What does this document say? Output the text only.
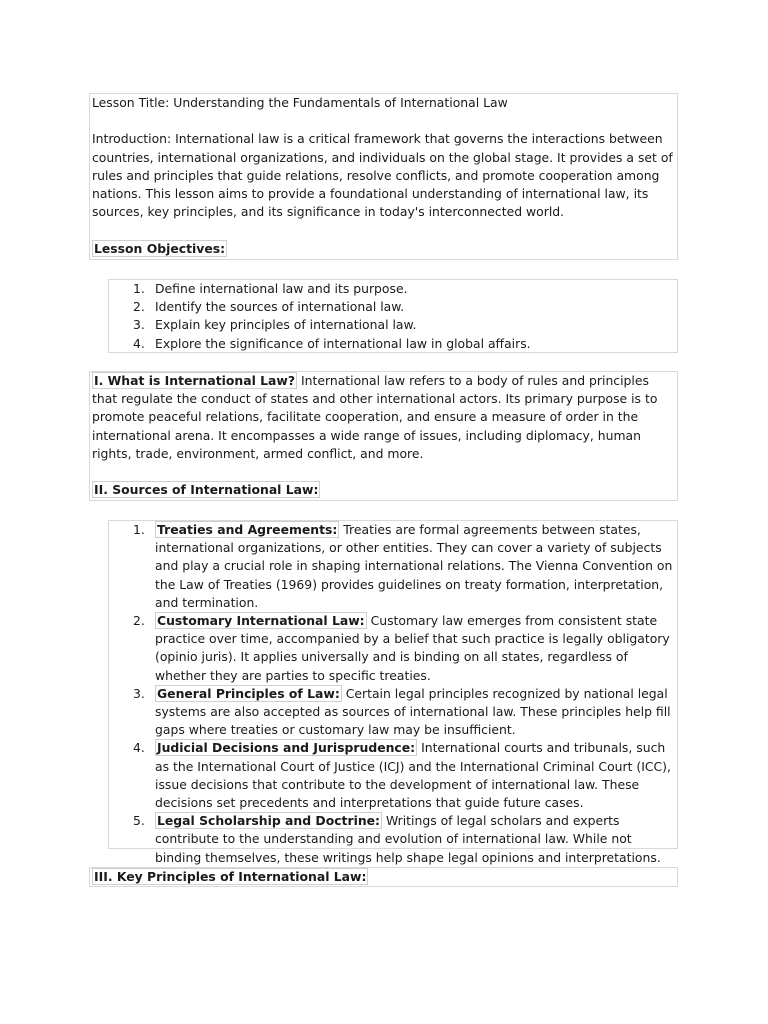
Lesson Title: Understanding the Fundamentals of International Law

Introduction: International law is a critical framework that governs the interactions between countries, international organizations, and individuals on the global stage. It provides a set of rules and principles that guide relations, resolve conflicts, and promote cooperation among nations. This lesson aims to provide a foundational understanding of international law, its sources, key principles, and its significance in today's interconnected world.

Lesson Objectives:

1. Define international law and its purpose.
2. Identify the sources of international law.
3. Explain key principles of international law.
4. Explore the significance of international law in global affairs.

I. What is International Law? International law refers to a body of rules and principles that regulate the conduct of states and other international actors. Its primary purpose is to promote peaceful relations, facilitate cooperation, and ensure a measure of order in the international arena. It encompasses a wide range of issues, including diplomacy, human rights, trade, environment, armed conflict, and more.

II. Sources of International Law:

1. Treaties and Agreements: Treaties are formal agreements between states, international organizations, or other entities. They can cover a variety of subjects and play a crucial role in shaping international relations. The Vienna Convention on the Law of Treaties (1969) provides guidelines on treaty formation, interpretation, and termination.
2. Customary International Law: Customary law emerges from consistent state practice over time, accompanied by a belief that such practice is legally obligatory (opinio juris). It applies universally and is binding on all states, regardless of whether they are parties to specific treaties.
3. General Principles of Law: Certain legal principles recognized by national legal systems are also accepted as sources of international law. These principles help fill gaps where treaties or customary law may be insufficient.
4. Judicial Decisions and Jurisprudence: International courts and tribunals, such as the International Court of Justice (ICJ) and the International Criminal Court (ICC), issue decisions that contribute to the development of international law. These decisions set precedents and interpretations that guide future cases.
5. Legal Scholarship and Doctrine: Writings of legal scholars and experts contribute to the understanding and evolution of international law. While not binding themselves, these writings help shape legal opinions and interpretations.

III. Key Principles of International Law:
